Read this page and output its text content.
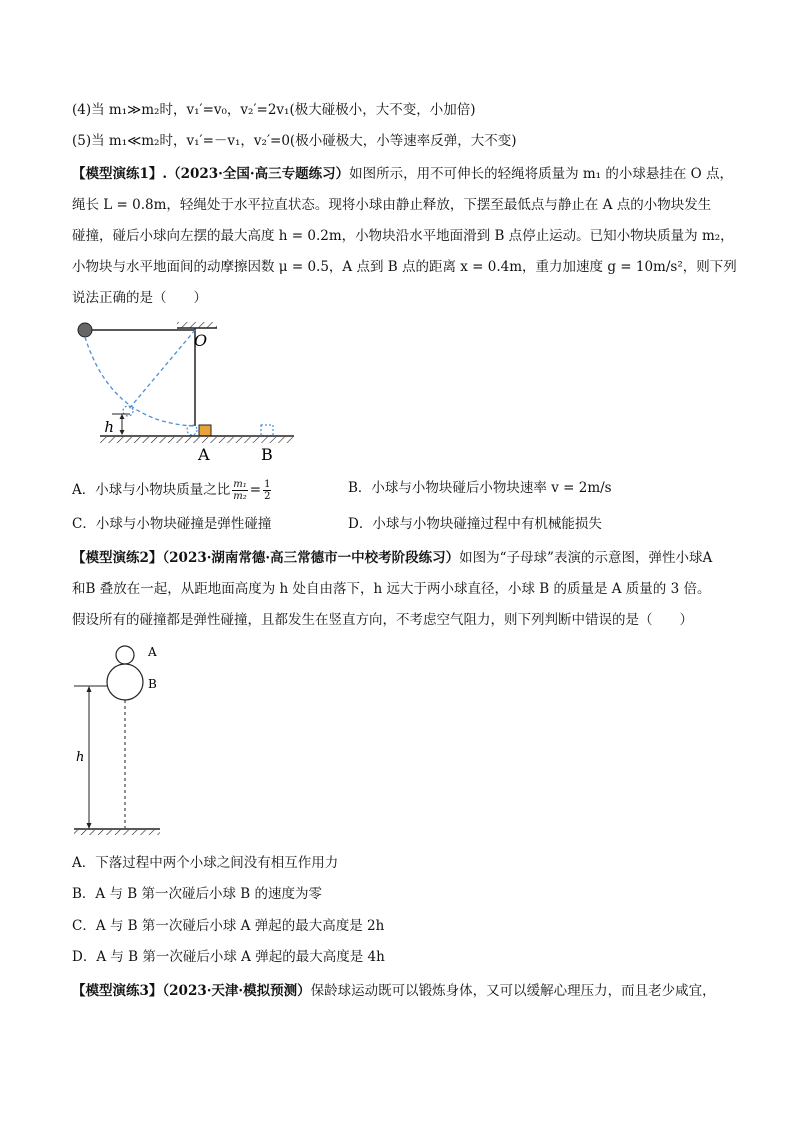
(4)当 m₁≫m₂时，v₁′=v₀，v₂′=2v₁(极大碰极小，大不变，小加倍)
(5)当 m₁≪m₂时，v₁′=－v₁，v₂′=0(极小碰极大，小等速率反弹，大不变)
【模型演练1】.（2023·全国·高三专题练习）如图所示，用不可伸长的轻绳将质量为 m₁ 的小球悬挂在 O 点，
绳长 L = 0.8m，轻绳处于水平拉直状态。现将小球由静止释放，下摆至最低点与静止在 A 点的小物块发生
碰撞，碰后小球向左摆的最大高度 h = 0.2m，小物块沿水平地面滑到 B 点停止运动。已知小物块质量为 m₂，
小物块与水平地面间的动摩擦因数 μ = 0.5，A 点到 B 点的距离 x = 0.4m，重力加速度 g = 10m/s²，则下列
说法正确的是（　　）
h
O
A	B
A．小球与小物块质量之比 $\frac{\text{m₁}}{\text{m₂}} = \frac{1}{2}$	B．小球与小物块碰后小物块速率 v = 2m/s
C．小球与小物块碰撞是弹性碰撞	D．小球与小物块碰撞过程中有机械能损失
【模型演练2】（2023·湖南常德·高三常德市一中校考阶段练习）如图为“子母球”表演的示意图，弹性小球A
和B 叠放在一起，从距地面高度为 h 处自由落下，h 远大于两小球直径，小球 B 的质量是 A 质量的 3 倍。
假设所有的碰撞都是弹性碰撞，且都发生在竖直方向，不考虑空气阻力，则下列判断中错误的是（　　）
A
B
h
A．下落过程中两个小球之间没有相互作用力
B．A 与 B 第一次碰后小球 B 的速度为零
C．A 与 B 第一次碰后小球 A 弹起的最大高度是 2h
D．A 与 B 第一次碰后小球 A 弹起的最大高度是 4h
【模型演练3】（2023·天津·模拟预测）保龄球运动既可以锻炼身体，又可以缓解心理压力，而且老少咸宜，
